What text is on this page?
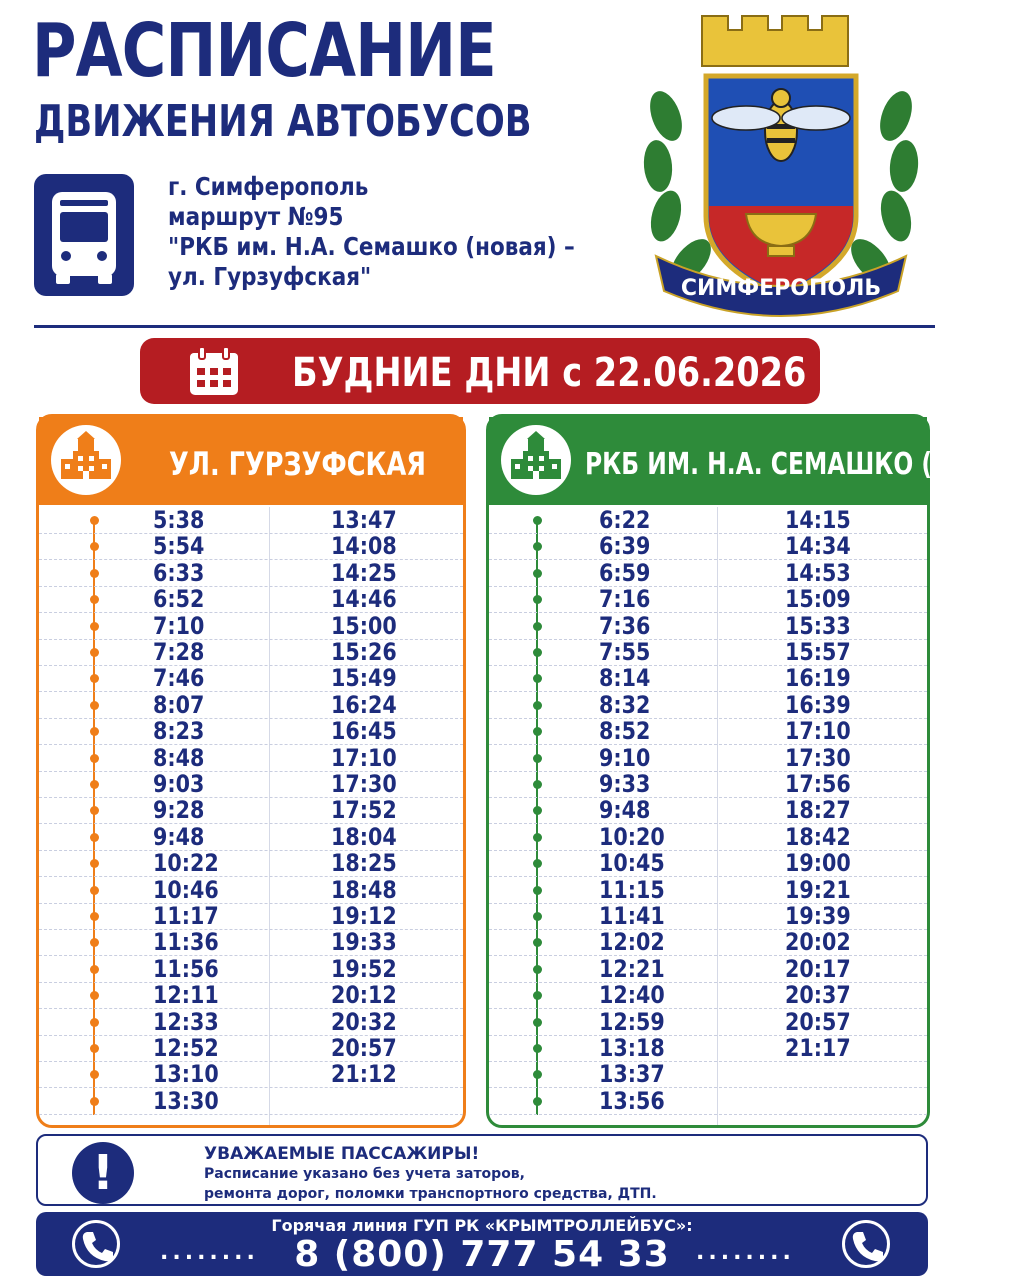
РАСПИСАНИЕ
ДВИЖЕНИЯ АВТОБУСОВ
г. Симферополь
маршрут №95
"РКБ им. Н.А. Семашко (новая) –
ул. Гурзуфская"	СИМФЕРОПОЛЬ
БУДНИЕ ДНИ с 22.06.2026 г.
УЛ. ГУРЗУФСКАЯ
5:38	13:47
5:54	14:08
6:33	14:25
6:52	14:46
7:10	15:00
7:28	15:26
7:46	15:49
8:07	16:24
8:23	16:45
8:48	17:10
9:03	17:30
9:28	17:52
9:48	18:04
10:22	18:25
10:46	18:48
11:17	19:12
11:36	19:33
11:56	19:52
12:11	20:12
12:33	20:32
12:52	20:57
13:10	21:12
13:30
РКБ ИМ. Н.А. СЕМАШКО (НОВАЯ)
6:22	14:15
6:39	14:34
6:59	14:53
7:16	15:09
7:36	15:33
7:55	15:57
8:14	16:19
8:32	16:39
8:52	17:10
9:10	17:30
9:33	17:56
9:48	18:27
10:20	18:42
10:45	19:00
11:15	19:21
11:41	19:39
12:02	20:02
12:21	20:17
12:40	20:37
12:59	20:57
13:18	21:17
13:37
13:56
!	УВАЖАЕМЫЕ ПАССАЖИРЫ!
Расписание указано без учета заторов,
ремонта дорог, поломки транспортного средства, ДТП.
........
Горячая линия ГУП РК «КРЫМТРОЛЛЕЙБУС»:
8 (800) 777 54 33	........
